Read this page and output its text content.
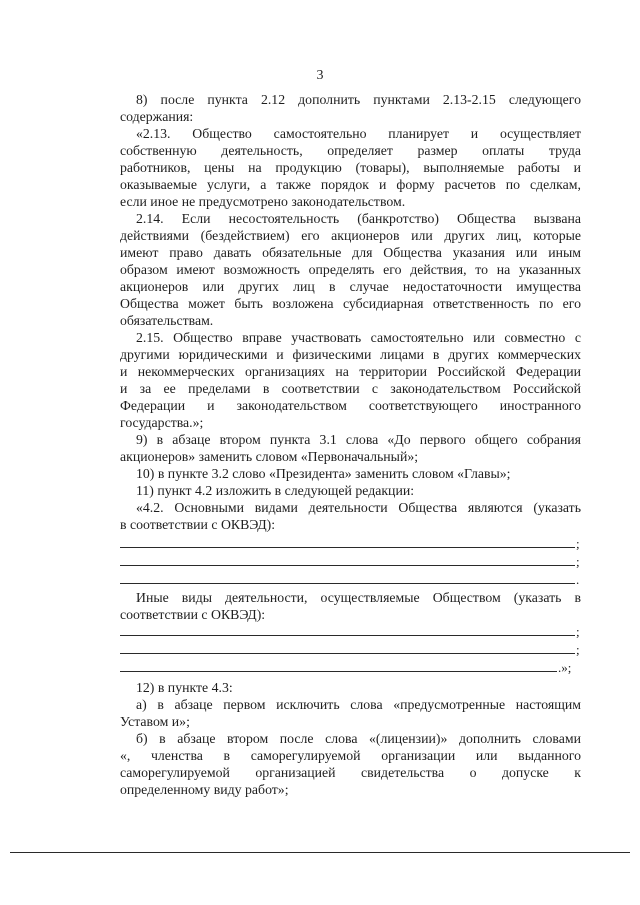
3
8) после пункта 2.12 дополнить пунктами 2.13-2.15 следующего
содержания:
«2.13. Общество самостоятельно планирует и осуществляет
собственную деятельность, определяет размер оплаты труда
работников, цены на продукцию (товары), выполняемые работы и
оказываемые услуги, а также порядок и форму расчетов по сделкам,
если иное не предусмотрено законодательством.
2.14. Если несостоятельность (банкротство) Общества вызвана
действиями (бездействием) его акционеров или других лиц, которые
имеют право давать обязательные для Общества указания или иным
образом имеют возможность определять его действия, то на указанных
акционеров или других лиц в случае недостаточности имущества
Общества может быть возложена субсидиарная ответственность по его
обязательствам.
2.15. Общество вправе участвовать самостоятельно или совместно с
другими юридическими и физическими лицами в других коммерческих
и некоммерческих организациях на территории Российской Федерации
и за ее пределами в соответствии с законодательством Российской
Федерации и законодательством соответствующего иностранного
государства.»;
9) в абзаце втором пункта 3.1 слова «До первого общего собрания
акционеров» заменить словом «Первоначальный»;
10) в пункте 3.2 слово «Президента» заменить словом «Главы»;
11) пункт 4.2 изложить в следующей редакции:
«4.2. Основными видами деятельности Общества являются (указать
в соответствии с ОКВЭД):
;
;
.
Иные виды деятельности, осуществляемые Обществом (указать в
соответствии с ОКВЭД):
;
;
.»;
12) в пункте 4.3:
а) в абзаце первом исключить слова «предусмотренные настоящим
Уставом и»;
б) в абзаце втором после слова «(лицензии)» дополнить словами
«, членства в саморегулируемой организации или выданного
саморегулируемой организацией свидетельства о допуске к
определенному виду работ»;
